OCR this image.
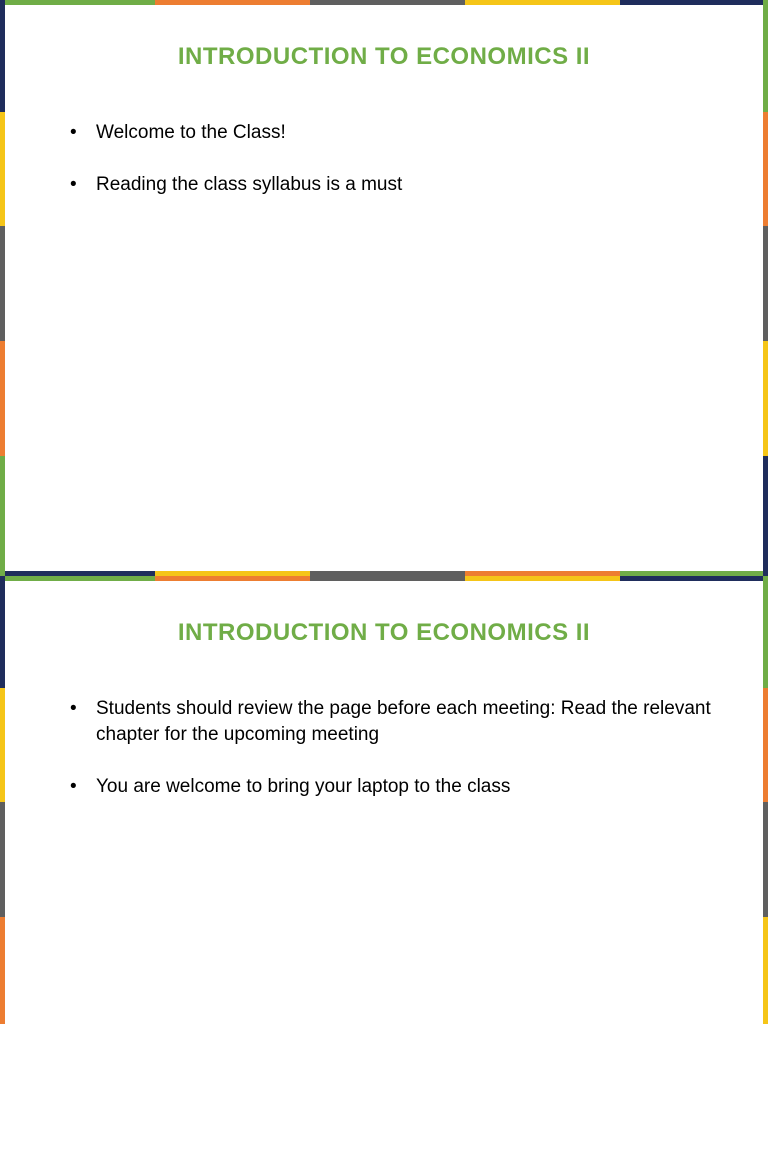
INTRODUCTION TO ECONOMICS II
• Welcome to the Class!
• Reading the class syllabus is a must
INTRODUCTION TO ECONOMICS II
• Students should review the page before each meeting: Read the relevant chapter for the upcoming meeting
• You are welcome to bring your laptop to the class
